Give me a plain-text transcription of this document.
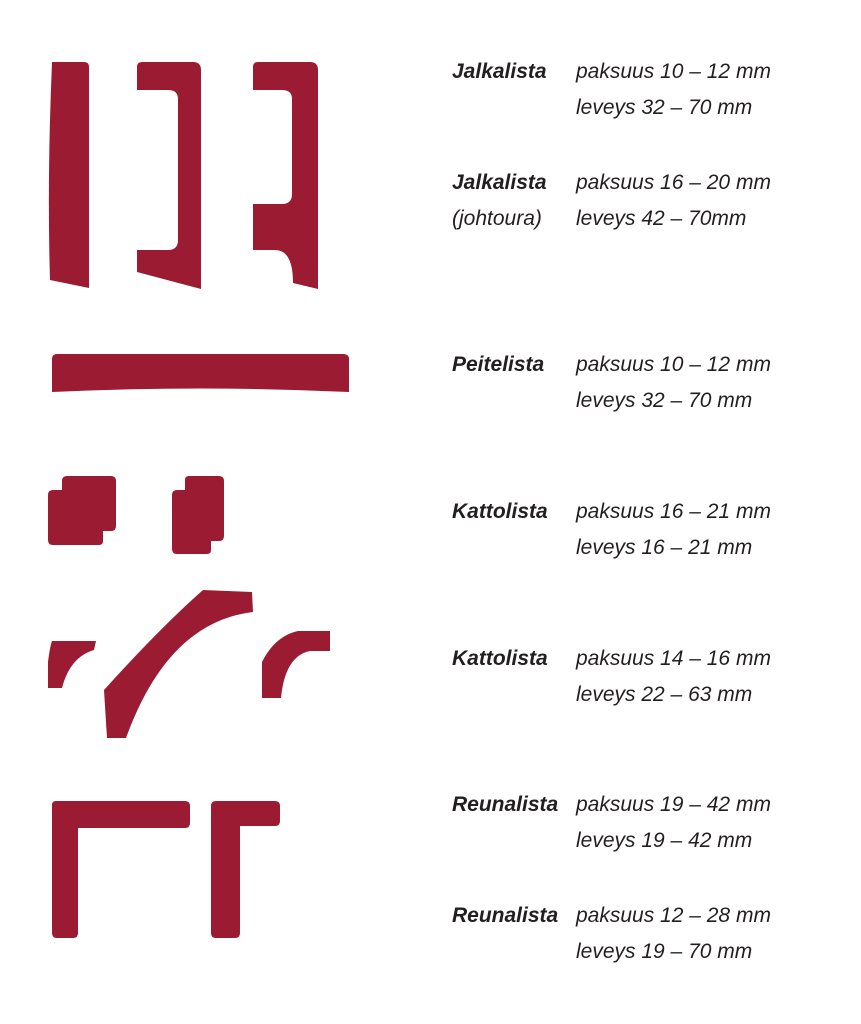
Jalkalista paksuus 10 – 12 mm
leveys 32 – 70 mm
Jalkalista paksuus 16 – 20 mm
(johtoura) leveys 42 – 70mm
Peitelista paksuus 10 – 12 mm
leveys 32 – 70 mm
Kattolista paksuus 16 – 21 mm
leveys 16 – 21 mm
Kattolista paksuus 14 – 16 mm
leveys 22 – 63 mm
Reunalista paksuus 19 – 42 mm
leveys 19 – 42 mm
Reunalista paksuus 12 – 28 mm
leveys 19 – 70 mm
